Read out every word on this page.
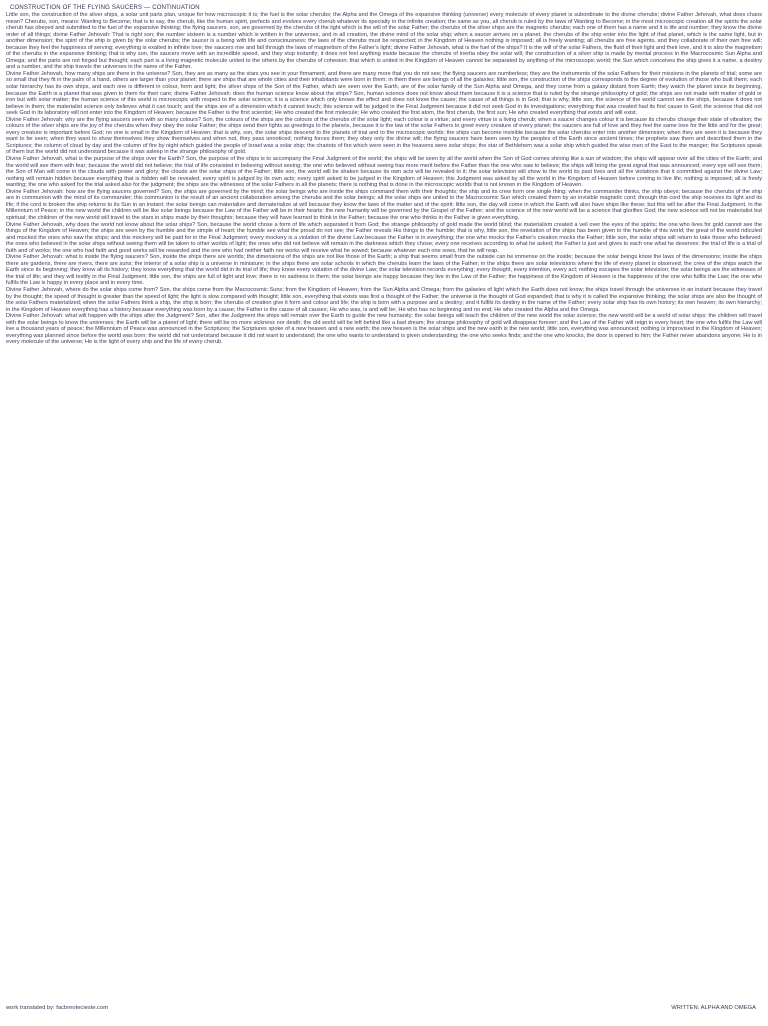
CONSTRUCTION OF THE FLYING SAUCERS — CONTINUATION

Little son, the construction of the silver ships, a solar unit parts plan, unique for how microscopic it is; the fuel is the solar cherubs; the Alpha and the Omega of the expansive thinking (universe) every molecule of every planet is subordinate to the divine cherubs; divine Father Jehovah, what does chaos mean? Cherubs, son, means: Wanting to Become; that is to say, the cherub, like the human spirit, perfects and evolves every cherub whatever its specialty in the infinite creation; the same as you, all cherub is ruled by the laws of Wanting to Become; in the most microscopic creation all the spirits the solar cherub has obeyed and submitted to the fuel of the expansive thinking; the flying saucers, son, are governed by the cherubs of the light which is the will of the solar Father; the cherubs of the silver ships are the magnetic cherubs; each one of them has a name and it is life and number; they know the divine order of all things; divine Father Jehovah: That is right son; the number sixteen is a number which is written in the universes, and in all creation, the divine mind of the solar ship; when a saucer arrives on a planet, the cherubs of the ship enter into the light of that planet, which is the same light, but in another dimension; the spirit of the ship is given by the solar cherubs; the saucer is a being with life and consciousness; the laws of the cherubs must be respected; in the Kingdom of Heaven nothing is imposed; all is freely wanting; all cherubs are free agents, and they collaborate of their own free will; because they feel the happiness of serving; everything is exalted in infinite love; the saucers rise and fall through the laws of magnetism of the Father's light; divine Father Jehovah, what is the fuel of the ships? It is the will of the solar Fathers, the fluid of their light and their love, and it is also the magnetism of the cherubs in the expansive thinking; that is why son, the saucers move with an incredible speed, and they stop instantly; it does not feel anything inside because the cherubs of inertia obey the solar will; the construction of a silver ship is made by mental process in the Macrocosmic Sun Alpha and Omega; and the parts are not forged but thought; each part is a living magnetic molecule united to the others by the cherubs of cohesion; that which is united in the Kingdom of Heaven cannot be separated by anything of the microscopic world; the Sun which conceives the ship gives it a name, a destiny and a number, and the ship travels the universes in the name of the Father.

Divine Father Jehovah, how many ships are there in the universe? Son, they are as many as the stars you see in your firmament, and there are many more that you do not see; the flying saucers are numberless; they are the instruments of the solar Fathers for their missions in the planets of trial; some are so small that they fit in the palm of a hand, others are larger than your planet; there are ships that are whole cities and their inhabitants were born in them; in them there are beings of all the galaxies; little son, the construction of the ships corresponds to the degree of evolution of those who built them; each solar hierarchy has its own ships, and each one is different in colour, form and light; the silver ships of the Son of the Father, which are seen over the Earth, are of the solar family of the Sun Alpha and Omega, and they come from a galaxy distant from Earth; they watch the planet since its beginning, because the Earth is a planet that was given to them for their care; divine Father Jehovah: does the human science know about the ships? Son, human science does not know about them because it is a science that is ruled by the strange philosophy of gold; the ships are not made with matter of gold or iron but with solar matter; the human science of this world is microscopic with respect to the solar science; it is a science which only knows the effect and does not know the cause; the cause of all things is in God; that is why, little son, the science of the world cannot see the ships, because it does not believe in them; the materialist science only believes what it can touch; and the ships are of a dimension which it cannot touch; this science will be judged in the Final Judgment because it did not seek God in its investigations; everything that was created had its first cause in God; the science that did not seek God in its laboratory will not enter into the Kingdom of Heaven; because the Father is the first scientist; He who created the first molecule; He who created the first atom, the first cherub, the first sun; He who created everything that exists and will exist.

Divine Father Jehovah: why are the flying saucers seen with so many colours? Son, the colours of the ships are the colours of the cherubs of the solar light; each colour is a virtue; and every virtue is a living cherub; when a saucer changes colour it is because its cherubs change their state of vibration; the colours of the silver ships are the joy of the cherubs when they obey the solar Father; the ships send their lights as greetings to the planets, because it is the law of the solar Fathers to greet every creature of every planet; the saucers are full of love and they feel the same love for the little and for the great; every creature is important before God; no one is small in the Kingdom of Heaven; that is why, son, the solar ships descend to the planets of trial and to the microscopic worlds; the ships can become invisible because the solar cherubs enter into another dimension; when they are seen it is because they want to be seen; when they want to show themselves they show themselves and when not, they pass unnoticed; nothing forces them; they obey only the divine will; the flying saucers have been seen by the peoples of the Earth since ancient times; the prophets saw them and described them in the Scriptures; the column of cloud by day and the column of fire by night which guided the people of Israel was a solar ship; the chariots of fire which were seen in the heavens were solar ships; the star of Bethlehem was a solar ship which guided the wise men of the East to the manger; the Scriptures speak of them but the world did not understand because it was asleep in the strange philosophy of gold.

Divine Father Jehovah, what is the purpose of the ships over the Earth? Son, the purpose of the ships is to accompany the Final Judgment of the world; the ships will be seen by all the world when the Son of God comes shining like a sun of wisdom; the ships will appear over all the cities of the Earth; and the world will see them with fear; because the world did not believe; the trial of life consisted in believing without seeing; the one who believed without seeing has more merit before the Father than the one who saw to believe; the ships will bring the great signal that was announced; every eye will see them; the Son of Man will come in the clouds with power and glory; the clouds are the solar ships of the Father; little son, the world will be shaken because its own acts will be revealed to it; the solar television will show to the world its past lives and all the violations that it committed against the divine Law; nothing will remain hidden because everything that is hidden will be revealed; every spirit is judged by its own acts; every spirit asked to be judged in the Kingdom of Heaven; this Judgment was asked by all the world in the Kingdom of Heaven before coming to live life; nothing is imposed; all is freely wanting; the one who asked for the trial asked also for the judgment; the ships are the witnesses of the solar Fathers in all the planets; there is nothing that is done in the microscopic worlds that is not known in the Kingdom of Heaven.

Divine Father Jehovah: how are the flying saucers governed? Son, the ships are governed by the mind; the solar beings who are inside the ships command them with their thoughts; the ship and its crew form one single thing; when the commander thinks, the ship obeys; because the cherubs of the ship are in communion with the mind of its commander; this communion is the result of an ancient collaboration among the cherubs and the solar beings; all the solar ships are united to the Macrocosmic Sun which created them by an invisible magnetic cord; through this cord the ship receives its light and its life; if the cord is broken the ship returns to its Sun in an instant; the solar beings can materialize and dematerialize at will because they know the laws of the matter and of the spirit; little son, the day will come in which the Earth will also have ships like these; but this will be after the Final Judgment, in the Millennium of Peace; in the new world the children will be like solar beings because the Law of the Father will be in their hearts; the new humanity will be governed by the Gospel of the Father; and the science of the new world will be a science that glorifies God; the new science will not be materialist but spiritual; the children of the new world will travel to the stars in ships made by their thoughts; because they will have learned to think in the Father; because the one who thinks in the Father is given everything.

Divine Father Jehovah, why does the world not know about the solar ships? Son, because the world chose a form of life which separated it from God; the strange philosophy of gold made the world blind; the materialism created a veil over the eyes of the spirits; the one who lives for gold cannot see the things of the Kingdom of Heaven; the ships are seen by the humble and the simple of heart; the humble see what the proud do not see; the Father reveals His things to the humble; that is why, little son, the revelation of the ships has been given to the humble of this world; the great of the world ridiculed and mocked the ones who saw the ships; and this mockery will be paid for in the Final Judgment; every mockery is a violation of the divine Law because the Father is in everything; the one who mocks the Father's creation mocks the Father; little son, the solar ships will return to take those who believed; the ones who believed in the solar ships without seeing them will be taken to other worlds of light; the ones who did not believe will remain in the darkness which they chose; every one receives according to what he asked; the Father is just and gives to each one what he deserves; the trial of life is a trial of faith and of works; the one who had faith and good works will be rewarded and the one who had neither faith nor works will receive what he sowed; because whatever each one sows, that he will reap.

Divine Father Jehovah: what is inside the flying saucers? Son, inside the ships there are worlds; the dimensions of the ships are not like those of the Earth; a ship that seems small from the outside can be immense on the inside; because the solar beings know the laws of the dimensions; inside the ships there are gardens, there are rivers, there are suns; the interior of a solar ship is a universe in miniature; in the ships there are solar schools in which the cherubs learn the laws of the Father; in the ships there are solar televisions where the life of every planet is observed; the crew of the ships watch the Earth since its beginning; they know all its history; they know everything that the world did in its trial of life; they know every violation of the divine Law; the solar television records everything; every thought, every intention, every act; nothing escapes the solar television; the solar beings are the witnesses of the trial of life; and they will testify in the Final Judgment; little son, the ships are full of light and love; there is no sadness in them; the solar beings are happy because they live in the Law of the Father; the happiness of the Kingdom of Heaven is the happiness of the one who fulfils the Law; the one who fulfils the Law is happy in every place and in every time.

Divine Father Jehovah, where do the solar ships come from? Son, the ships come from the Macrocosmic Suns; from the Kingdom of Heaven; from the Sun Alpha and Omega; from the galaxies of light which the Earth does not know; the ships travel through the universes in an instant because they travel by the thought; the speed of thought is greater than the speed of light; the light is slow compared with thought; little son, everything that exists was first a thought of the Father; the universe is the thought of God expanded; that is why it is called the expansive thinking; the solar ships are also the thought of the solar Fathers materialized; when the solar Fathers think a ship, the ship is born; the cherubs of creation give it form and colour and life; the ship is born with a purpose and a destiny; and it fulfils its destiny in the name of the Father; every solar ship has its own history; its own heaven; its own hierarchy; in the Kingdom of Heaven everything has a history because everything was born by a cause; the Father is the cause of all causes; He who was, is and will be; He who has no beginning and no end; He who created the Alpha and the Omega.

Divine Father Jehovah: what will happen with the ships after the Judgment? Son, after the Judgment the ships will remain over the Earth to guide the new humanity; the solar beings will teach the children of the new world the solar science; the new world will be a world of solar ships; the children will travel with the solar beings to know the universes; the Earth will be a planet of light; there will be no more sickness nor death; the old world will be left behind like a bad dream; the strange philosophy of gold will disappear forever; and the Law of the Father will reign in every heart; the one who fulfils the Law will live a thousand years of peace; the Millennium of Peace was announced in the Scriptures; the Scriptures spoke of a new heaven and a new earth; the new heaven is the solar ships and the new earth is the new world; little son, everything was announced; nothing is improvised in the Kingdom of Heaven; everything was planned since before the world was born; the world did not understand because it did not want to understand; the one who wants to understand is given understanding; the one who seeks finds; and the one who knocks, the door is opened to him; the Father never abandons anyone; He is in every molecule of the universe; He is the light of every ship and the life of every cherub.

work translated by: facbreotecieste.com	WRITTEN: ALPHA AND OMEGA
